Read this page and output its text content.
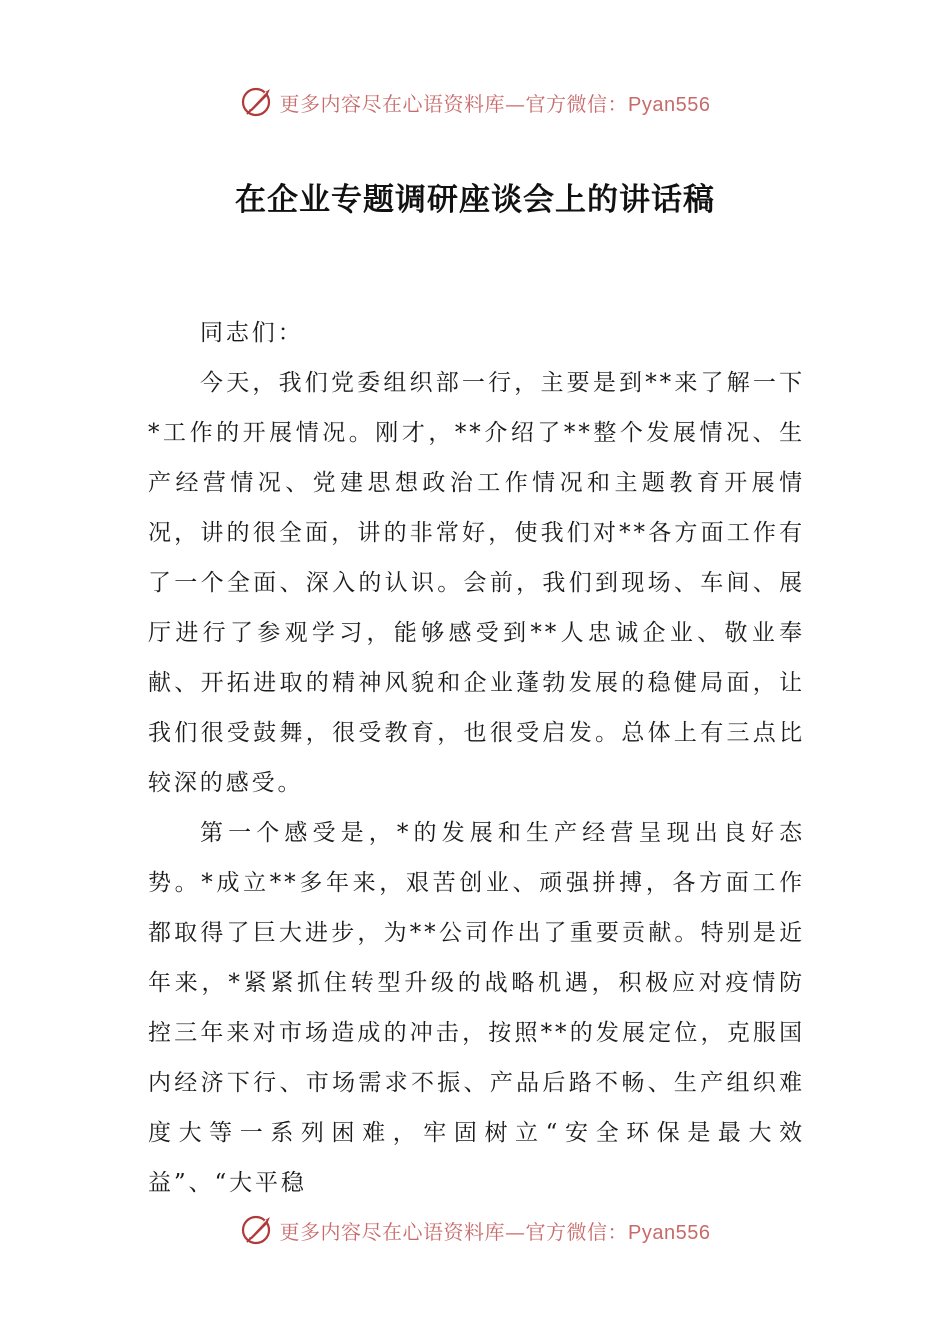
更多内容尽在心语资料库—官方微信：Pyan556
在企业专题调研座谈会上的讲话稿

同志们：

今天，我们党委组织部一行，主要是到**来了解一下*工作的开展情况。刚才，**介绍了**整个发展情况、生产经营情况、党建思想政治工作情况和主题教育开展情况，讲的很全面，讲的非常好，使我们对**各方面工作有了一个全面、深入的认识。会前，我们到现场、车间、展厅进行了参观学习，能够感受到**人忠诚企业、敬业奉献、开拓进取的精神风貌和企业蓬勃发展的稳健局面，让我们很受鼓舞，很受教育，也很受启发。总体上有三点比较深的感受。

第一个感受是，*的发展和生产经营呈现出良好态势。*成立**多年来，艰苦创业、顽强拼搏，各方面工作都取得了巨大进步，为**公司作出了重要贡献。特别是近年来，*紧紧抓住转型升级的战略机遇，积极应对疫情防控三年来对市场造成的冲击，按照**的发展定位，克服国内经济下行、市场需求不振、产品后路不畅、生产组织难度大等一系列困难，牢固树立“安全环保是最大效益”、“大平稳

更多内容尽在心语资料库—官方微信：Pyan556
